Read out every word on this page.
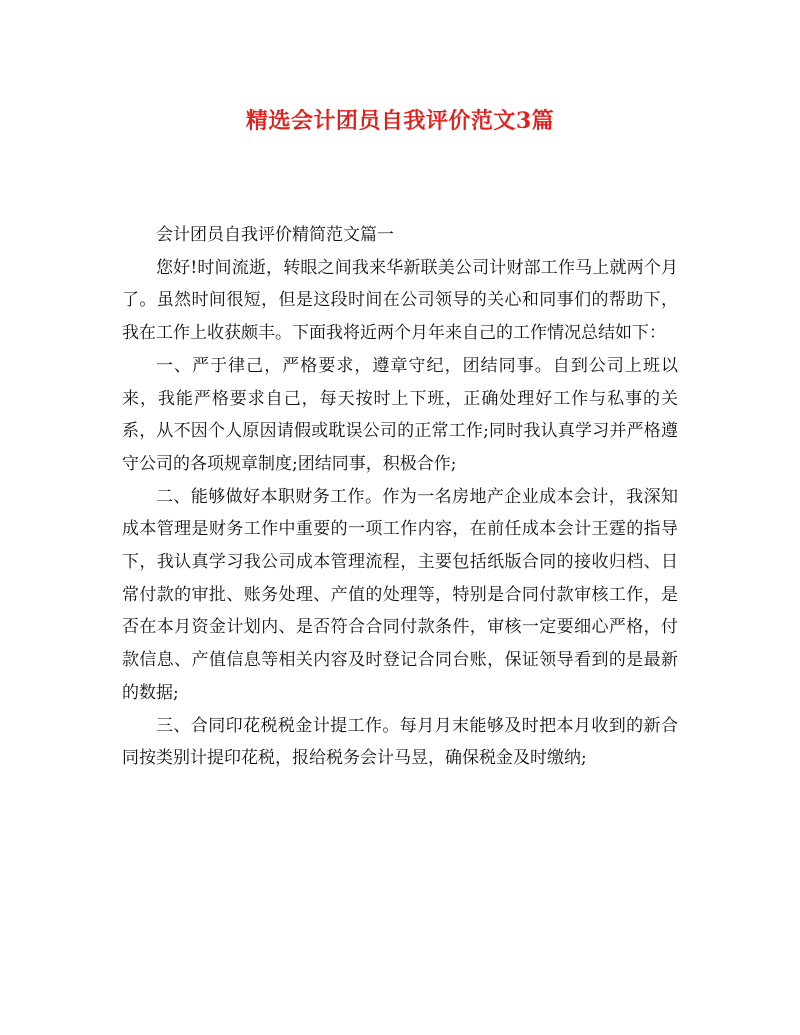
精选会计团员自我评价范文3篇

会计团员自我评价精简范文篇一

您好!时间流逝，转眼之间我来华新联美公司计财部工作马上就两个月了。虽然时间很短，但是这段时间在公司领导的关心和同事们的帮助下，我在工作上收获颇丰。下面我将近两个月年来自己的工作情况总结如下：

一、严于律己，严格要求，遵章守纪，团结同事。自到公司上班以来，我能严格要求自己，每天按时上下班，正确处理好工作与私事的关系，从不因个人原因请假或耽误公司的正常工作;同时我认真学习并严格遵守公司的各项规章制度;团结同事，积极合作;

二、能够做好本职财务工作。作为一名房地产企业成本会计，我深知成本管理是财务工作中重要的一项工作内容，在前任成本会计王霆的指导下，我认真学习我公司成本管理流程，主要包括纸版合同的接收归档、日常付款的审批、账务处理、产值的处理等，特别是合同付款审核工作，是否在本月资金计划内、是否符合合同付款条件，审核一定要细心严格，付款信息、产值信息等相关内容及时登记合同台账，保证领导看到的是最新的数据;

三、合同印花税税金计提工作。每月月末能够及时把本月收到的新合同按类别计提印花税，报给税务会计马昱，确保税金及时缴纳;
